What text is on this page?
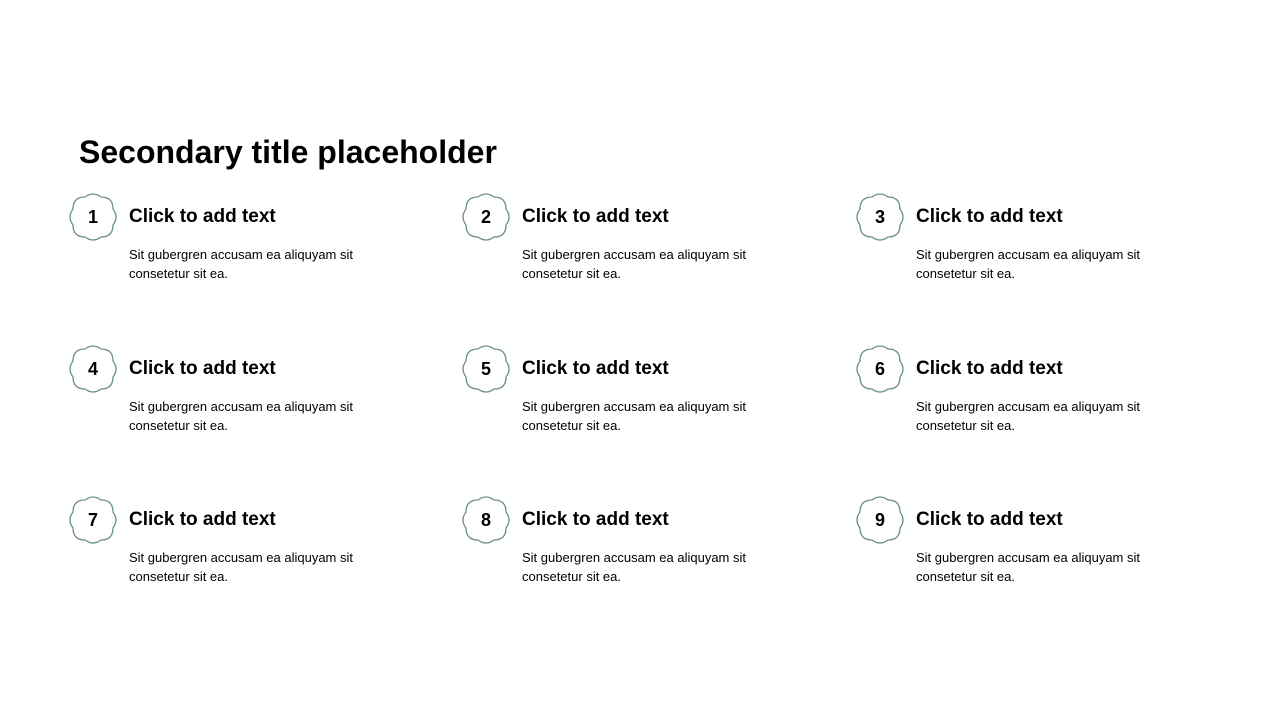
Secondary title placeholder
1	Click to add text
Sit gubergren accusam ea aliquyam sit consetetur sit ea.
2	Click to add text
Sit gubergren accusam ea aliquyam sit consetetur sit ea.
3	Click to add text
Sit gubergren accusam ea aliquyam sit consetetur sit ea.
4	Click to add text
Sit gubergren accusam ea aliquyam sit consetetur sit ea.
5	Click to add text
Sit gubergren accusam ea aliquyam sit consetetur sit ea.
6	Click to add text
Sit gubergren accusam ea aliquyam sit consetetur sit ea.
7	Click to add text
Sit gubergren accusam ea aliquyam sit consetetur sit ea.
8	Click to add text
Sit gubergren accusam ea aliquyam sit consetetur sit ea.
9	Click to add text
Sit gubergren accusam ea aliquyam sit consetetur sit ea.
